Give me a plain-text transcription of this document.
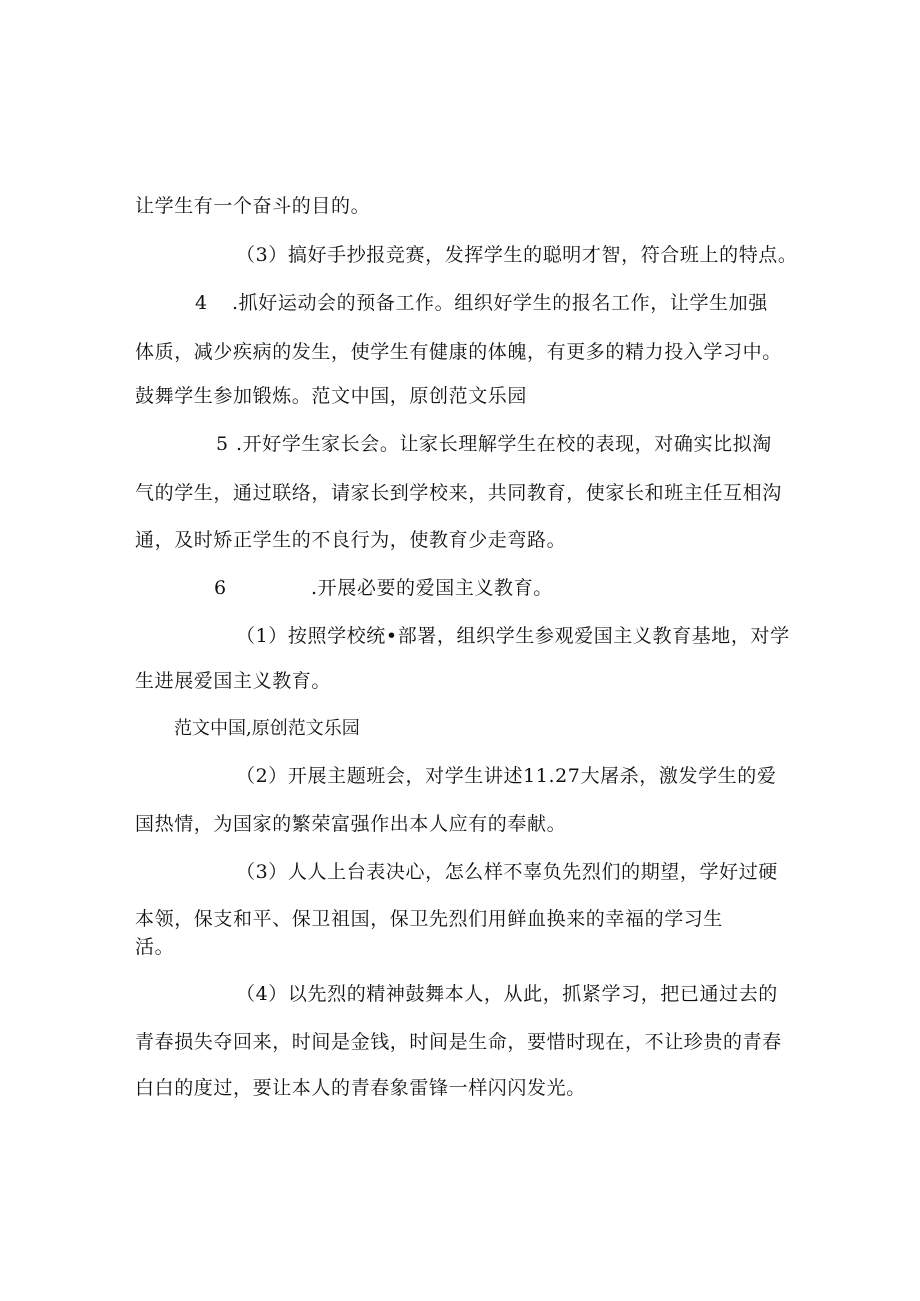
让学生有一个奋斗的目的。
（3）搞好手抄报竞赛，发挥学生的聪明才智，符合班上的特点。
4 .抓好运动会的预备工作。组织好学生的报名工作，让学生加强
体质，减少疾病的发生，使学生有健康的体魄，有更多的精力投入学习中。
鼓舞学生参加锻炼。范文中国，原创范文乐园
5 .开好学生家长会。让家长理解学生在校的表现，对确实比拟淘
气的学生，通过联络，请家长到学校来，共同教育，使家长和班主任互相沟
通，及时矫正学生的不良行为，使教育少走弯路。
6	.开展必要的爱国主义教育。
（1）按照学校统•部署，组织学生参观爱国主义教育基地，对学
生进展爱国主义教育。
范文中国,原创范文乐园
（2）开展主题班会，对学生讲述11.27大屠杀，激发学生的爱
国热情，为国家的繁荣富强作出本人应有的奉献。
（3）人人上台表决心，怎么样不辜负先烈们的期望，学好过硬
本领，保支和平、保卫祖国，保卫先烈们用鲜血换来的幸福的学习生
活。
（4）以先烈的精神鼓舞本人，从此，抓紧学习，把已通过去的
青春损失夺回来，时间是金钱，时间是生命，要惜时现在，不让珍贵的青春
白白的度过，要让本人的青春象雷锋一样闪闪发光。
